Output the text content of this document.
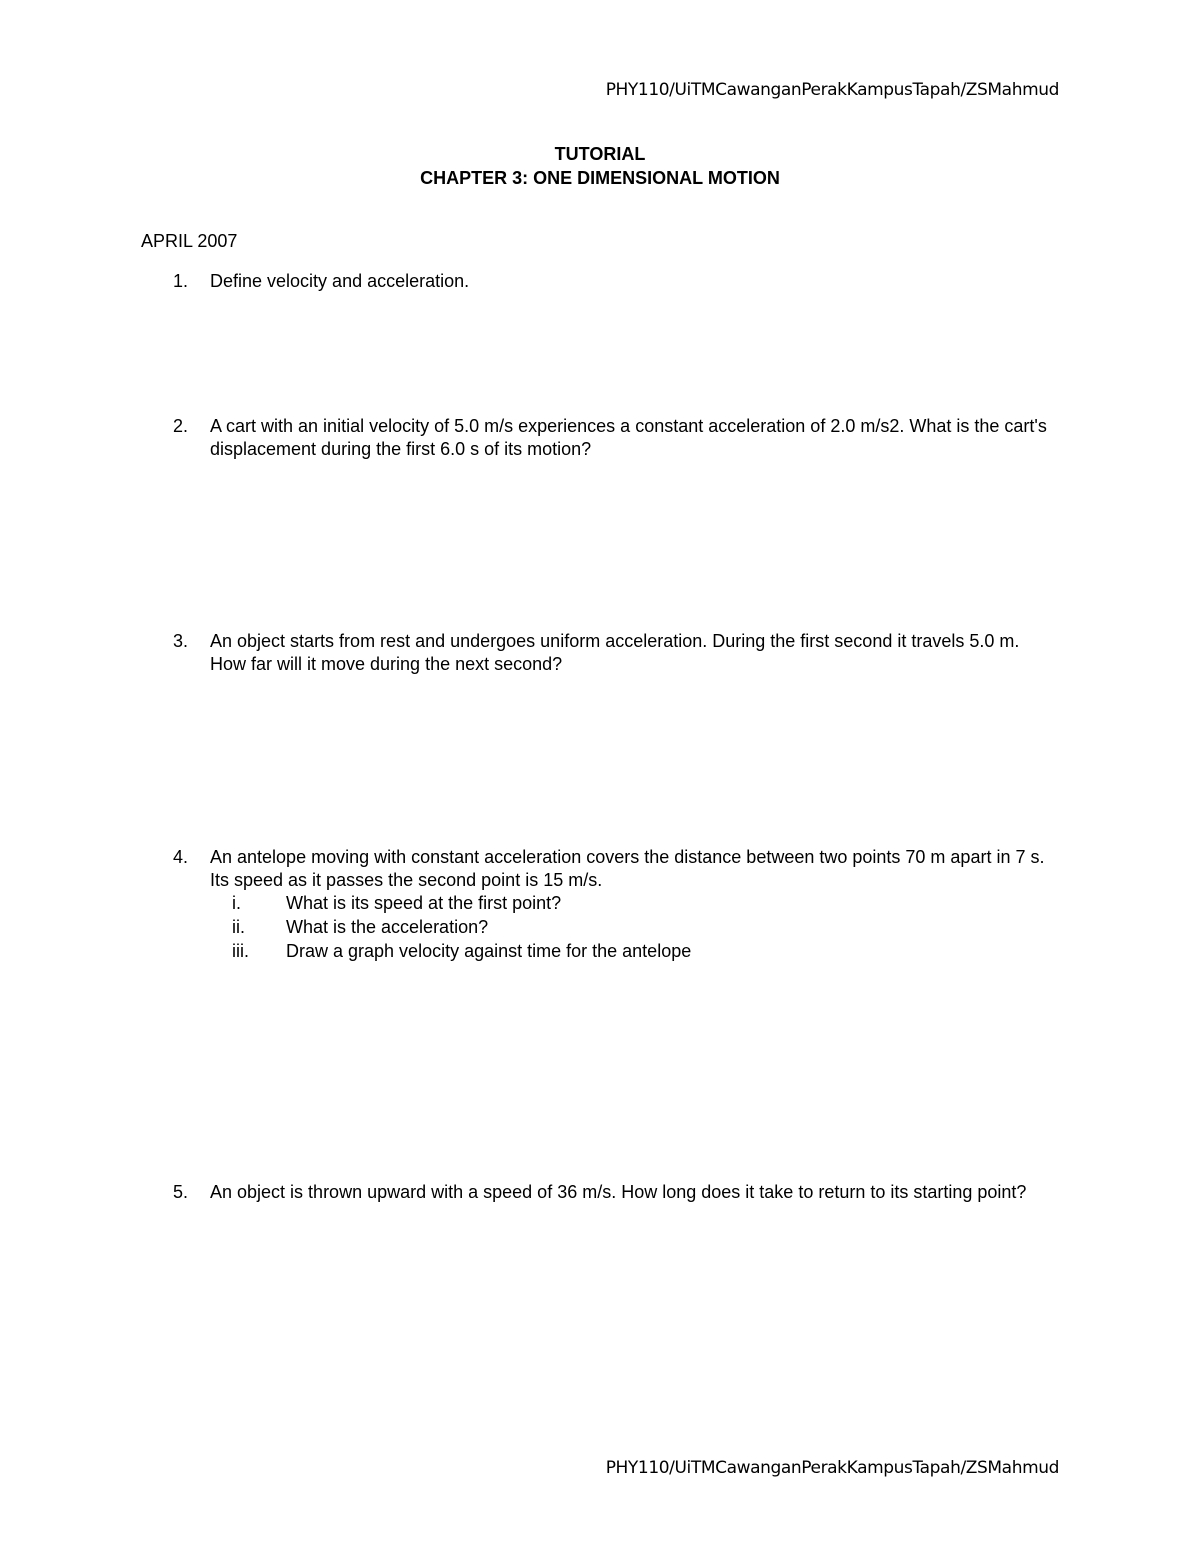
PHY110/UiTMCawanganPerakKampusTapah/ZSMahmud
TUTORIAL
CHAPTER 3: ONE DIMENSIONAL MOTION
APRIL 2007
1. Define velocity and acceleration.
2. A cart with an initial velocity of 5.0 m/s experiences a constant acceleration of 2.0 m/s2. What is the cart's displacement during the first 6.0 s of its motion?
3. An object starts from rest and undergoes uniform acceleration. During the first second it travels 5.0 m. How far will it move during the next second?
4. An antelope moving with constant acceleration covers the distance between two points 70 m apart in 7 s. Its speed as it passes the second point is 15 m/s.
i.	What is its speed at the first point?
ii. What is the acceleration?
iii. Draw a graph velocity against time for the antelope
5. An object is thrown upward with a speed of 36 m/s. How long does it take to return to its starting point?
PHY110/UiTMCawanganPerakKampusTapah/ZSMahmud
